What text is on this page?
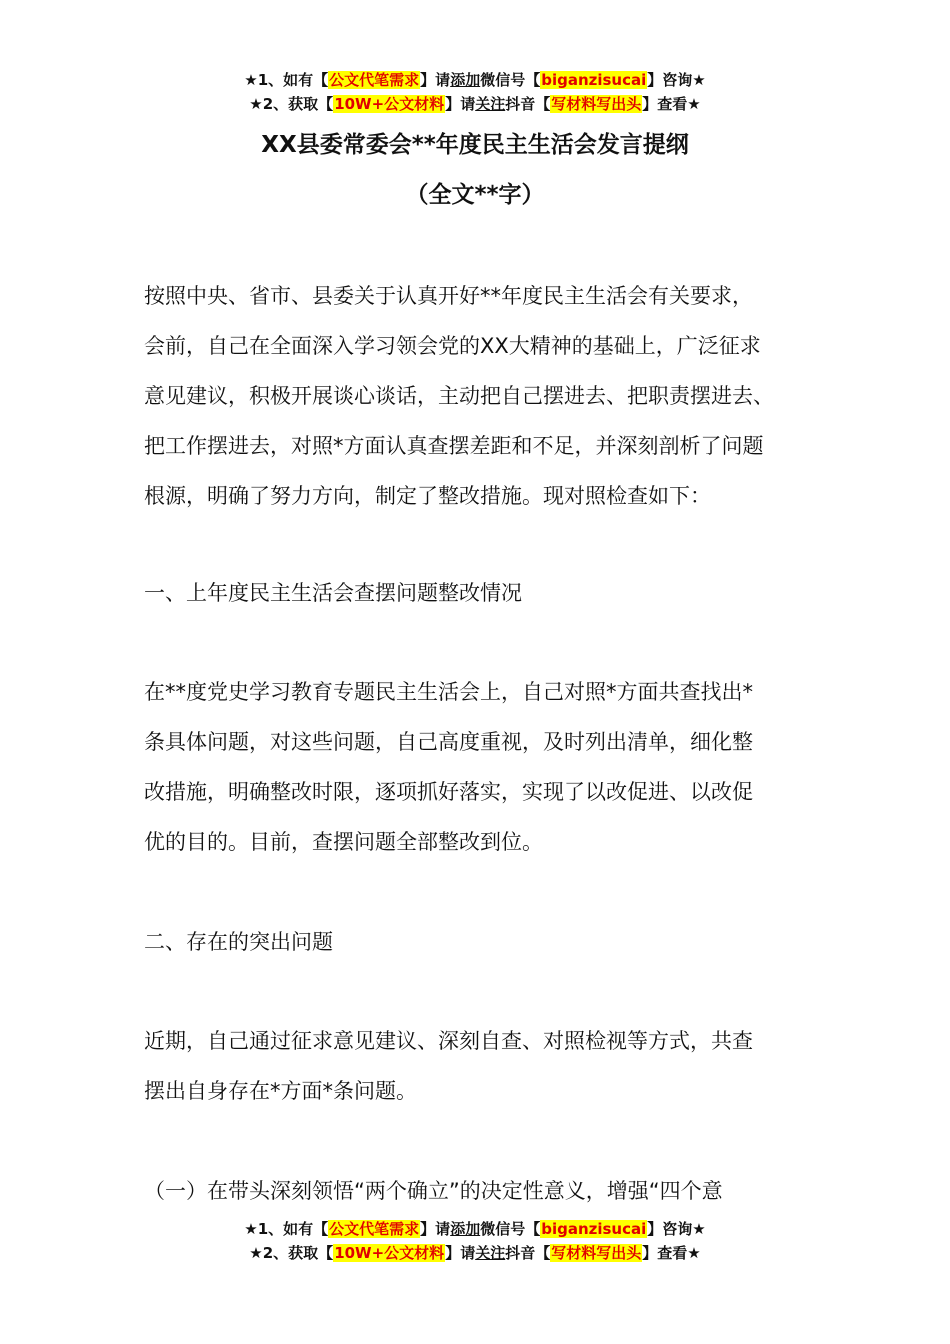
★1、如有【公文代笔需求】请添加微信号【biganzisucai】咨询★
★2、获取【10W+公文材料】请关注抖音【写材料写出头】查看★
XX县委常委会**年度民主生活会发言提纲
（全文**字）
按照中央、省市、县委关于认真开好**年度民主生活会有关要求，
会前，自己在全面深入学习领会党的XX大精神的基础上，广泛征求
意见建议，积极开展谈心谈话，主动把自己摆进去、把职责摆进去、
把工作摆进去，对照*方面认真查摆差距和不足，并深刻剖析了问题
根源，明确了努力方向，制定了整改措施。现对照检查如下：
一、上年度民主生活会查摆问题整改情况
在**度党史学习教育专题民主生活会上，自己对照*方面共查找出*
条具体问题，对这些问题，自己高度重视，及时列出清单，细化整
改措施，明确整改时限，逐项抓好落实，实现了以改促进、以改促
优的目的。目前，查摆问题全部整改到位。
二、存在的突出问题
近期，自己通过征求意见建议、深刻自查、对照检视等方式，共查
摆出自身存在*方面*条问题。
（一）在带头深刻领悟“两个确立”的决定性意义，增强“四个意
★1、如有【公文代笔需求】请添加微信号【biganzisucai】咨询★
★2、获取【10W+公文材料】请关注抖音【写材料写出头】查看★
